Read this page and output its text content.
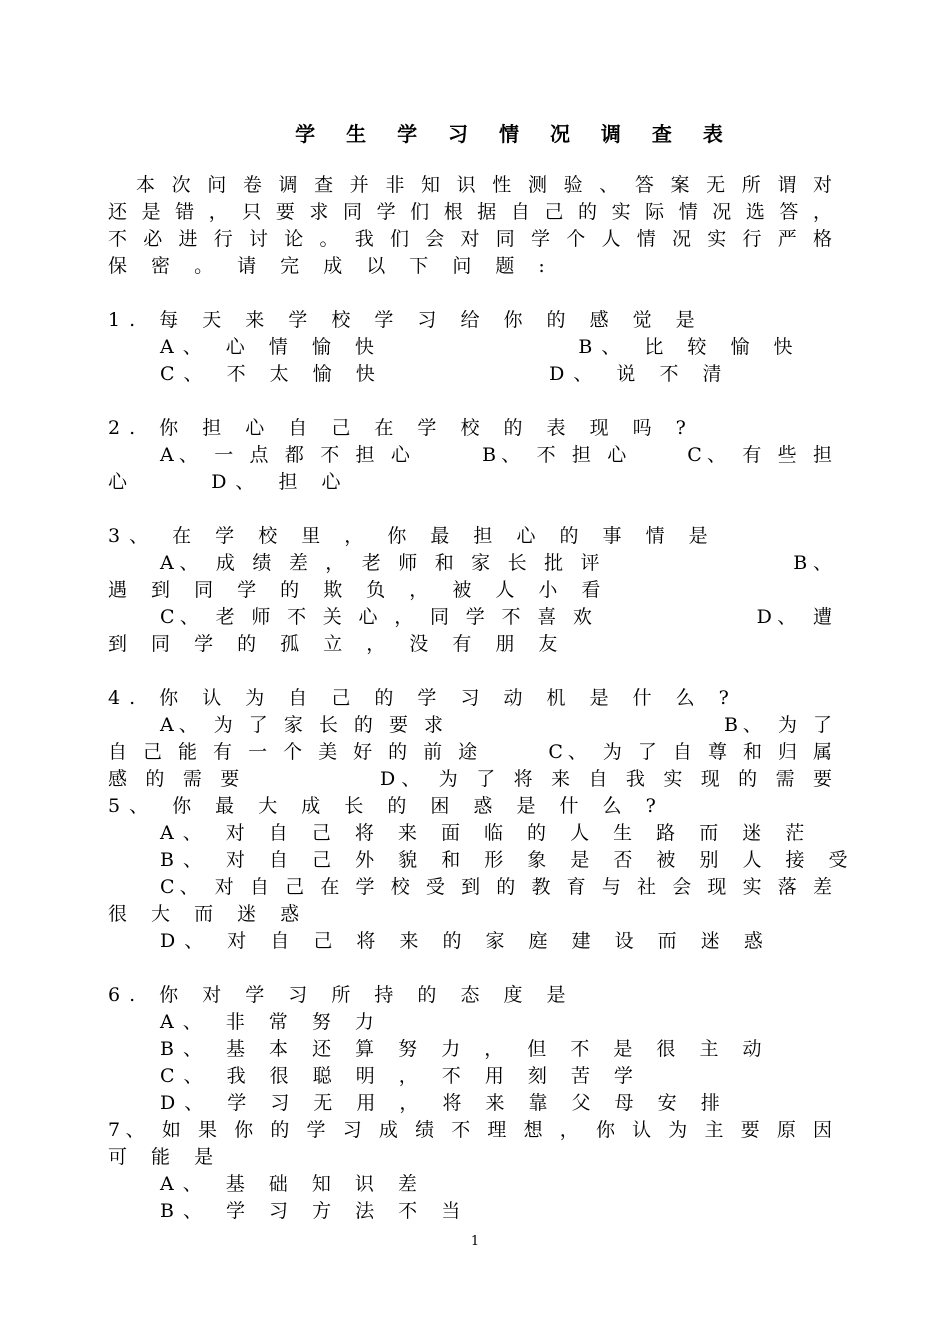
学 生 学 习 情 况 调 查 表

本 次 问 卷 调 查 并 非 知 识 性 测 验 、 答 案 无 所 谓 对

还 是 错 ， 只 要 求 同 学 们 根 据 自 己 的 实 际 情 况 选 答 ，

不 必 进 行 讨 论 。 我 们 会 对 同 学 个 人 情 况 实 行 严 格

保 密 。 请 完 成 以 下 问 题 :

1. 每 天 来 学 校 学 习 给 你 的 感 觉 是

A、 心 情 愉 快             B、 比 较 愉 快

C、 不 太 愉 快           D、 说 不 清

2. 你 担 心 自 己 在 学 校 的 表 现 吗 ?

A、 一 点 都 不 担 心      B、 不 担 心     C、 有 些 担

心     D、 担 心

3、 在 学 校 里 ， 你 最 担 心 的 事 情 是

A、 成 绩 差 ， 老 师 和 家 长 批 评                B、

遇 到 同 学 的 欺 负 ， 被 人 小 看

C、 老 师 不 关 心 ， 同 学 不 喜 欢              D、 遭

到 同 学 的 孤 立 ， 没 有 朋 友

4. 你 认 为 自 己 的 学 习 动 机 是 什 么 ?

A、 为 了 家 长 的 要 求                         B、 为 了

自 己 能 有 一 个 美 好 的 前 途      C、 为 了 自 尊 和 归 属

感 的 需 要           D、 为 了 将 来 自 我 实 现 的 需 要

5、 你 最 大 成 长 的 困 惑 是 什 么 ?

A、 对 自 己 将 来 面 临 的 人 生 路 而 迷 茫

B、 对 自 己 外 貌 和 形 象 是 否 被 别 人 接 受

C、 对 自 己 在 学 校 受 到 的 教 育 与 社 会 现 实 落 差

很 大 而 迷 惑

D、 对 自 己 将 来 的 家 庭 建 设 而 迷 惑

6. 你 对 学 习 所 持 的 态 度 是

A、 非 常 努 力

B、 基 本 还 算 努 力 ， 但 不 是 很 主 动

C、 我 很 聪 明 ， 不 用 刻 苦 学

D、 学 习 无 用 ， 将 来 靠 父 母 安 排

7、 如 果 你 的 学 习 成 绩 不 理 想 ， 你 认 为 主 要 原 因

可 能 是

A、 基 础 知 识 差

B、 学 习 方 法 不 当

1
